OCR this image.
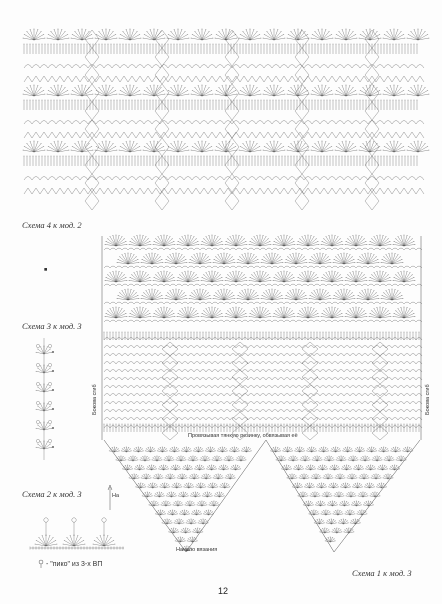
Схема 4 к мод. 2
Схема 3 к мод. 3
Схема 2 к мод. 3
Схема 1 к мод. 3
Провязывая тянкую резинку, обвязывая её
Бокова сгиб	Бокова сгиб
Начало вязания
На
- "пико" из 3-х ВП
■
12
